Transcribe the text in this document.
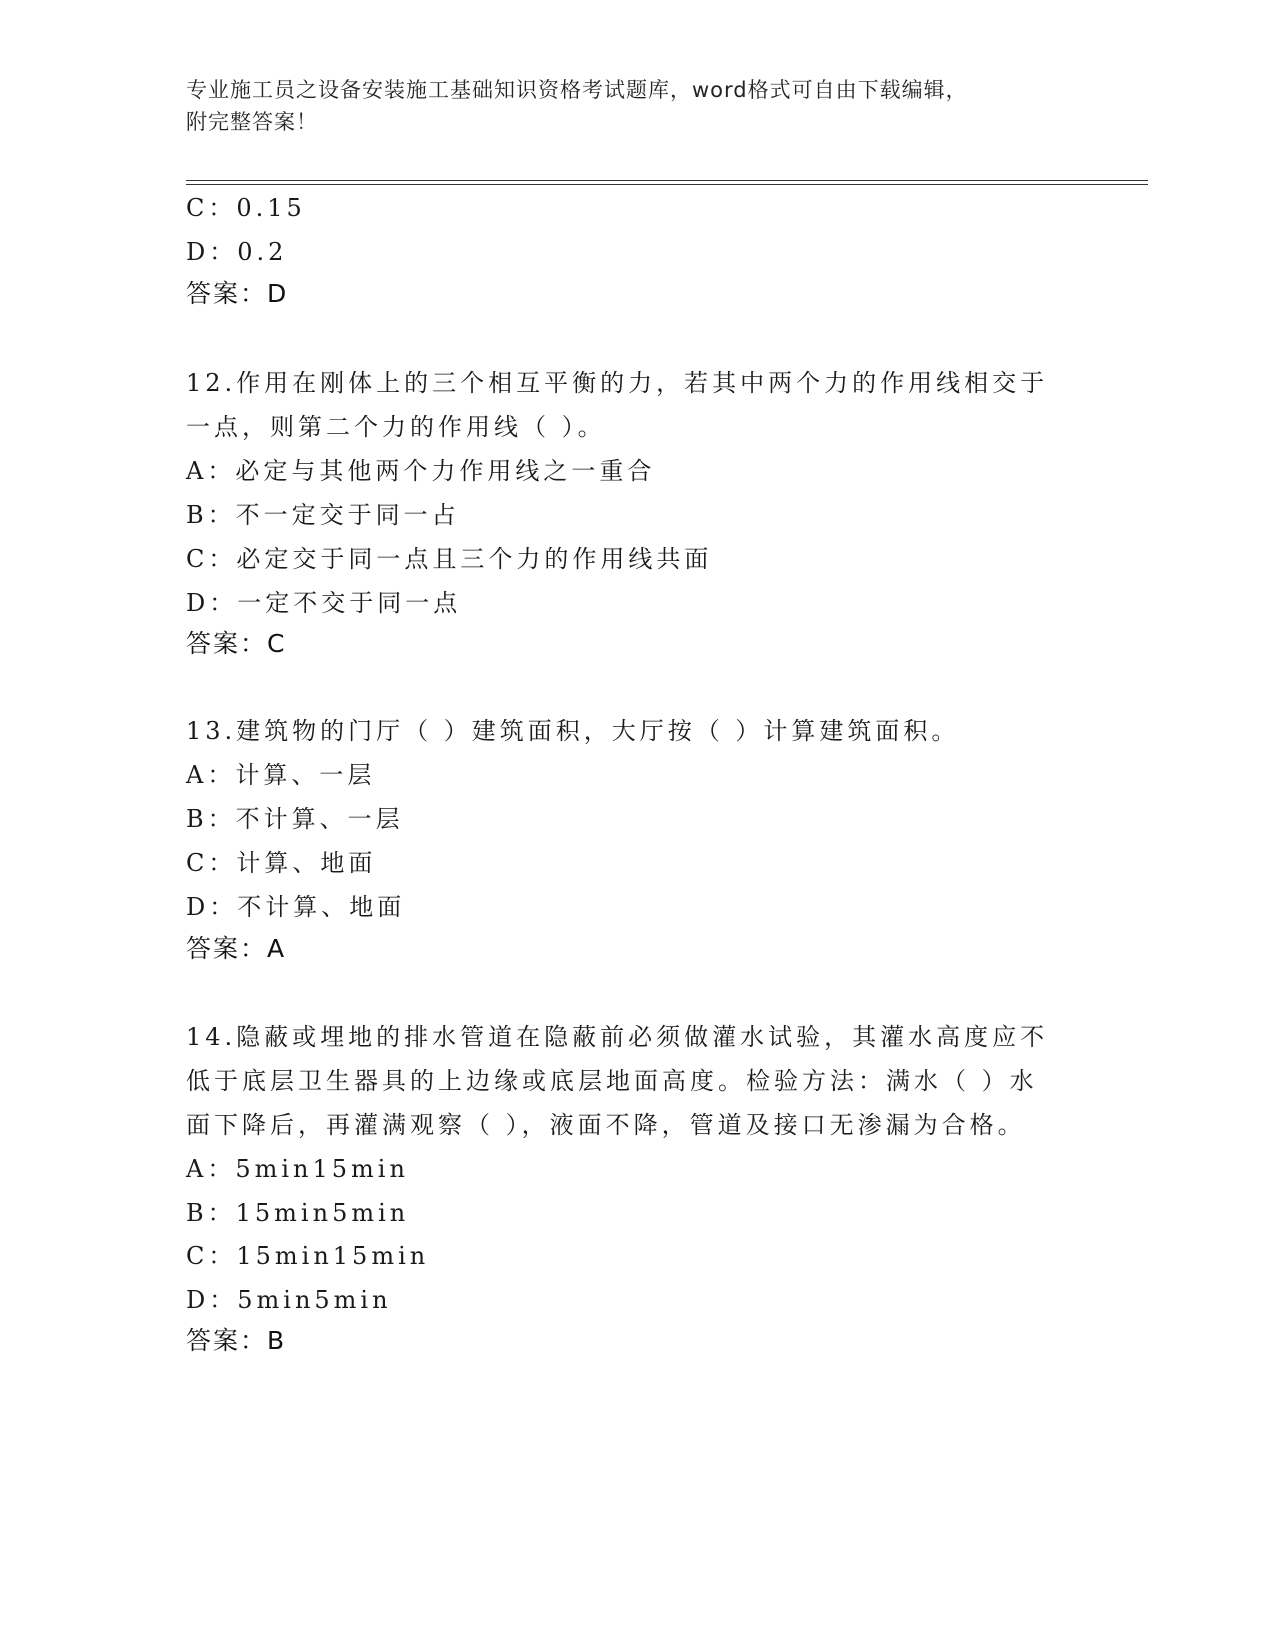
专业施工员之设备安装施工基础知识资格考试题库，word格式可自由下载编辑，
附完整答案！
C：0.15
D：0.2
答案：D
12.作用在刚体上的三个相互平衡的力，若其中两个力的作用线相交于
一点，则第二个力的作用线（ ）。
A：必定与其他两个力作用线之一重合
B：不一定交于同一占
C：必定交于同一点且三个力的作用线共面
D：一定不交于同一点
答案：C
13.建筑物的门厅（ ）建筑面积，大厅按（ ）计算建筑面积。
A：计算、一层
B：不计算、一层
C：计算、地面
D：不计算、地面
答案：A
14.隐蔽或埋地的排水管道在隐蔽前必须做灌水试验，其灌水高度应不
低于底层卫生器具的上边缘或底层地面高度。检验方法：满水（ ）水
面下降后，再灌满观察（ ），液面不降，管道及接口无渗漏为合格。
A：5min15min
B：15min5min
C：15min15min
D：5min5min
答案：B
